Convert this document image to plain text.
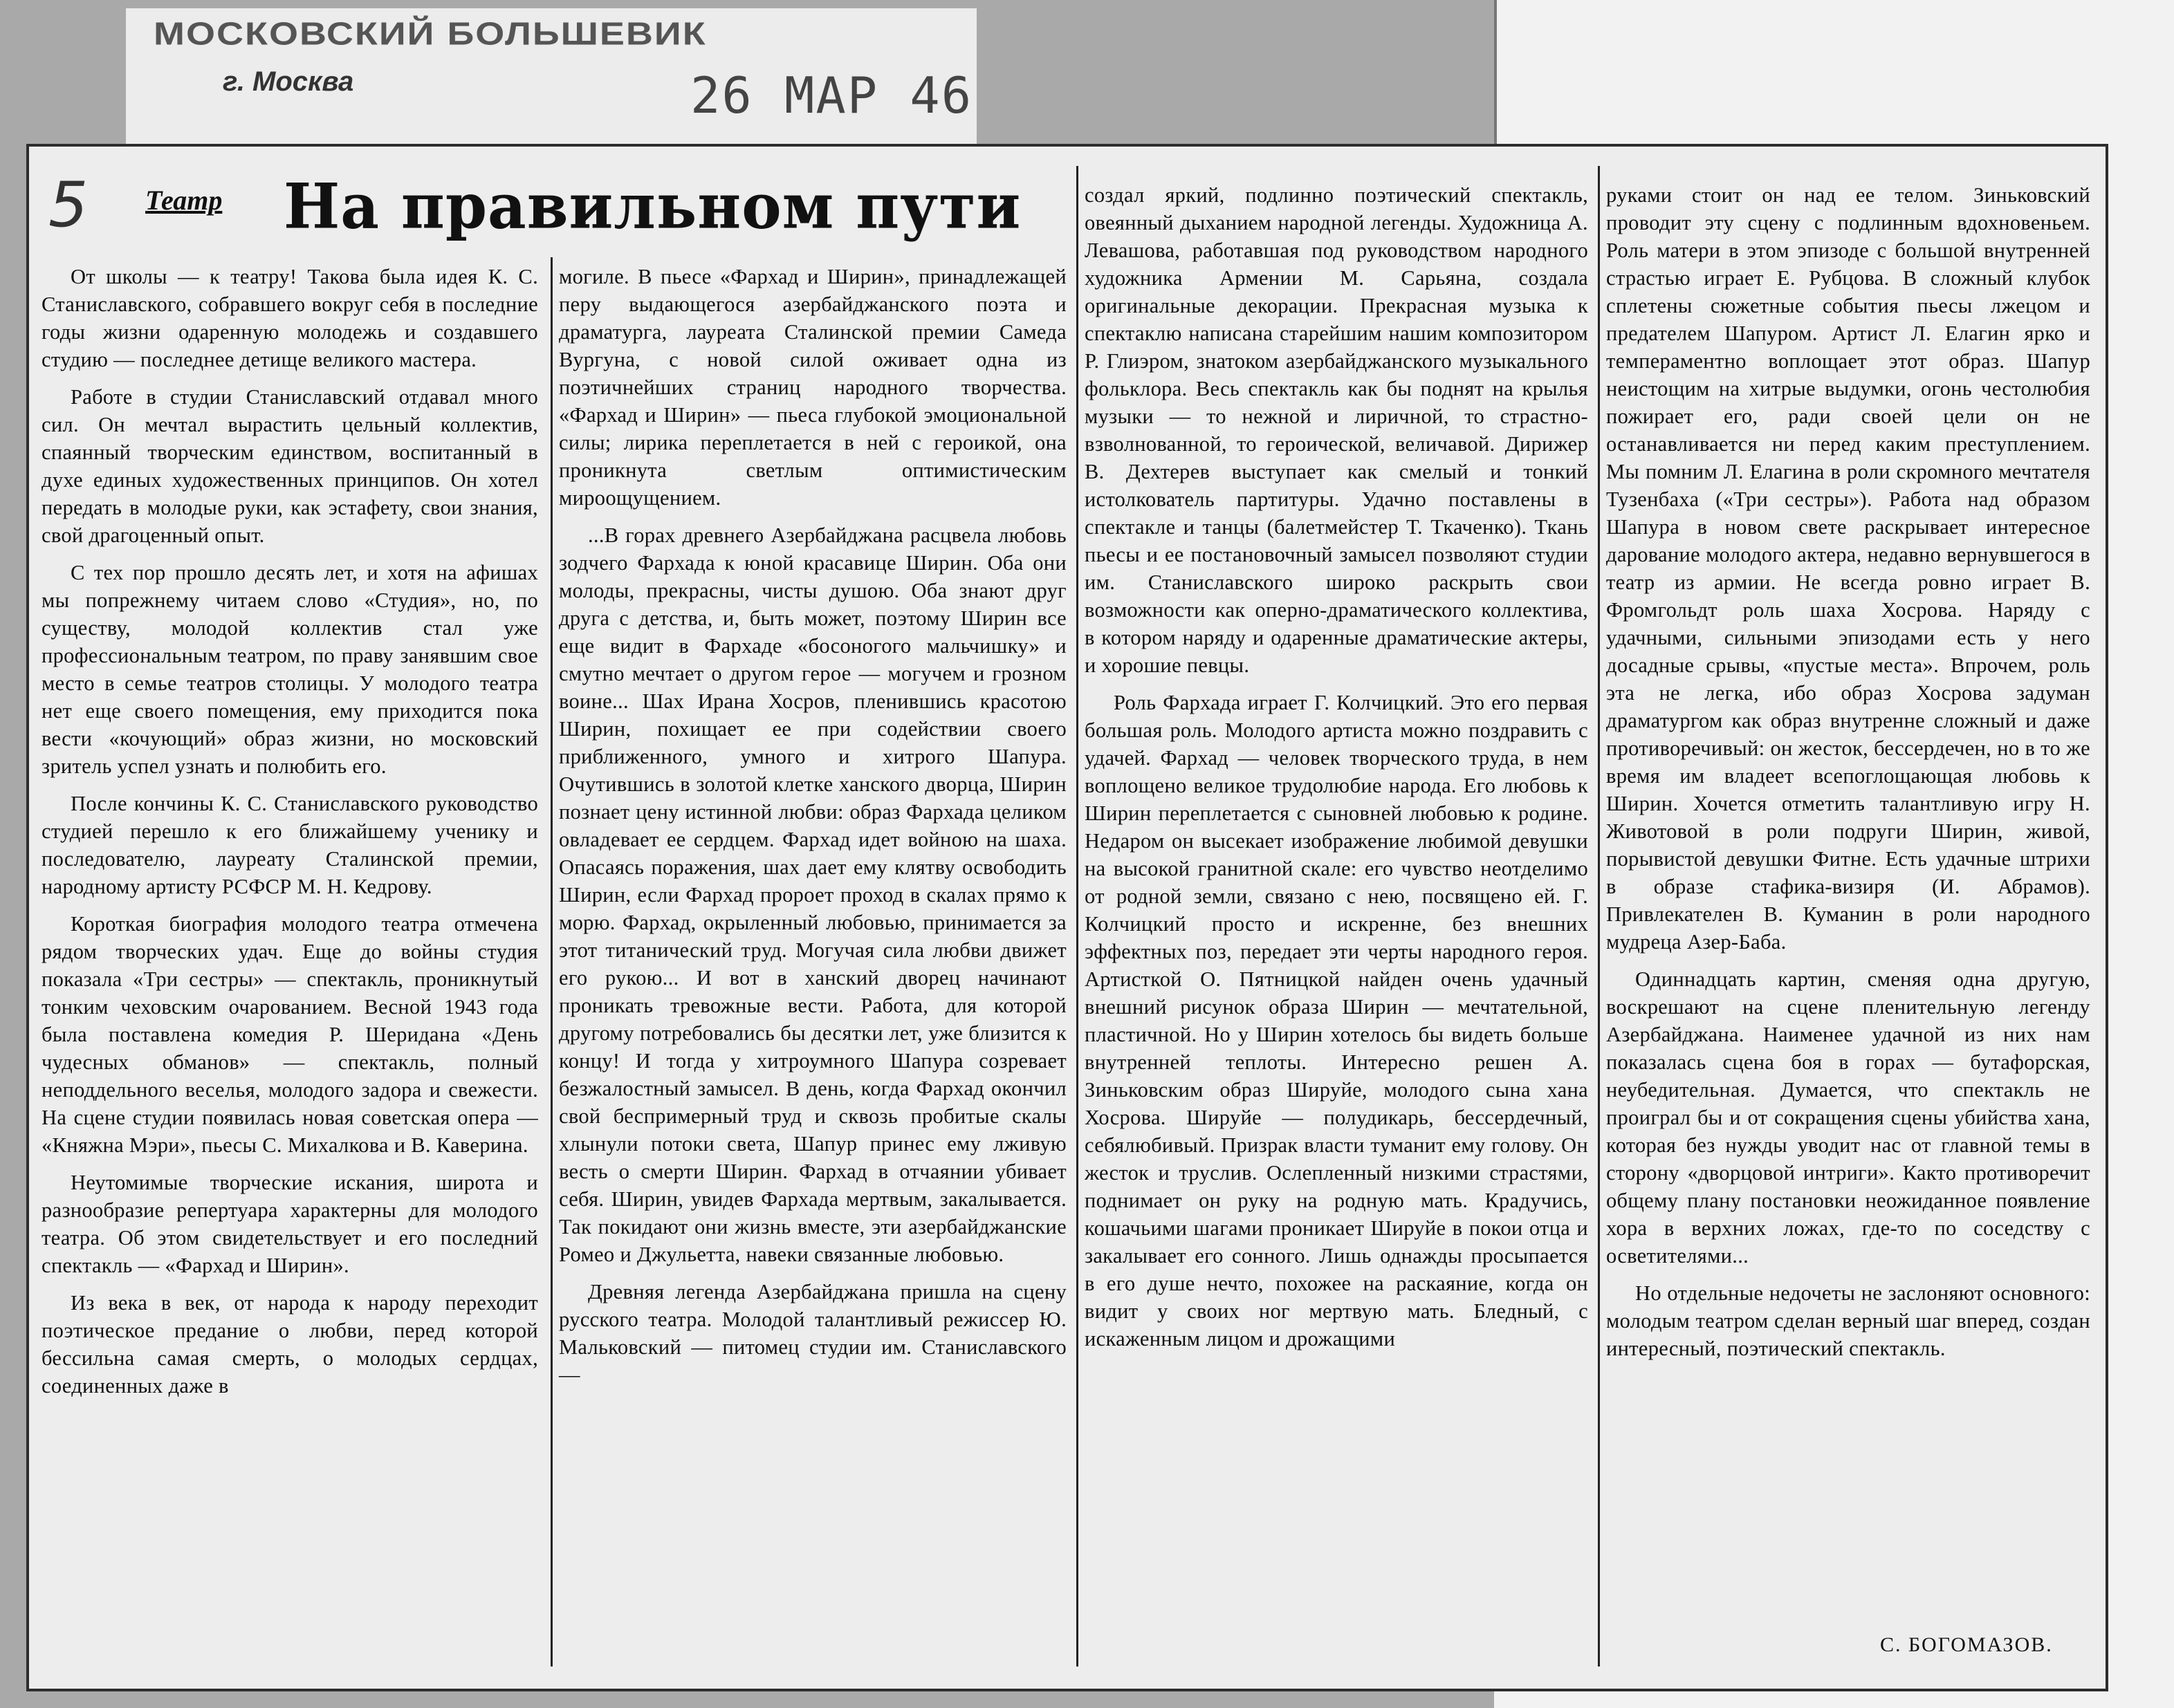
МОСКОВСКИЙ БОЛЬШЕВИК
г. Москва	26 МАР 46
5 Театр На правильном пути

От школы — к театру! Такова была идея К. С. Станиславского, собравшего вокруг себя в последние годы жизни одаренную молодежь и создавшего студию — последнее детище великого мастера.

Работе в студии Станиславский отдавал много сил. Он мечтал вырастить цельный коллектив, спаянный творческим единством, воспитанный в духе единых художественных принципов. Он хотел передать в молодые руки, как эстафету, свои знания, свой драгоценный опыт.

С тех пор прошло десять лет, и хотя на афишах мы попрежнему читаем слово «Студия», но, по существу, молодой коллектив стал уже профессиональным театром, по праву занявшим свое место в семье театров столицы. У молодого театра нет еще своего помещения, ему приходится пока вести «кочующий» образ жизни, но московский зритель успел узнать и полюбить его.

После кончины К. С. Станиславского руководство студией перешло к его ближайшему ученику и последователю, лауреату Сталинской премии, народному артисту РСФСР М. Н. Кедрову.

Короткая биография молодого театра отмечена рядом творческих удач. Еще до войны студия показала «Три сестры» — спектакль, проникнутый тонким чеховским очарованием. Весной 1943 года была поставлена комедия Р. Шеридана «День чудесных обманов» — спектакль, полный неподдельного веселья, молодого задора и свежести. На сцене студии появилась новая советская опера — «Княжна Мэри», пьесы С. Михалкова и В. Каверина.

Неутомимые творческие искания, широта и разнообразие репертуара характерны для молодого театра. Об этом свидетельствует и его последний спектакль — «Фархад и Ширин».

Из века в век, от народа к народу переходит поэтическое предание о любви, перед которой бессильна самая смерть, о молодых сердцах, соединенных даже в

могиле. В пьесе «Фархад и Ширин», принадлежащей перу выдающегося азербайджанского поэта и драматурга, лауреата Сталинской премии Самеда Вургуна, с новой силой оживает одна из поэтичнейших страниц народного творчества. «Фархад и Ширин» — пьеса глубокой эмоциональной силы; лирика переплетается в ней с героикой, она проникнута светлым оптимистическим мироощущением.

...В горах древнего Азербайджана расцвела любовь зодчего Фархада к юной красавице Ширин. Оба они молоды, прекрасны, чисты душою. Оба знают друг друга с детства, и, быть может, поэтому Ширин все еще видит в Фархаде «босоногого мальчишку» и смутно мечтает о другом герое — могучем и грозном воине... Шах Ирана Хосров, пленившись красотою Ширин, похищает ее при содействии своего приближенного, умного и хитрого Шапура. Очутившись в золотой клетке ханского дворца, Ширин познает цену истинной любви: образ Фархада целиком овладевает ее сердцем. Фархад идет войною на шаха. Опасаясь поражения, шах дает ему клятву освободить Ширин, если Фархад пророет проход в скалах прямо к морю. Фархад, окрыленный любовью, принимается за этот титанический труд. Могучая сила любви движет его рукою... И вот в ханский дворец начинают проникать тревожные вести. Работа, для которой другому потребовались бы десятки лет, уже близится к концу! И тогда у хитроумного Шапура созревает безжалостный замысел. В день, когда Фархад окончил свой беспримерный труд и сквозь пробитые скалы хлынули потоки света, Шапур принес ему лживую весть о смерти Ширин. Фархад в отчаянии убивает себя. Ширин, увидев Фархада мертвым, закалывается. Так покидают они жизнь вместе, эти азербайджанские Ромео и Джульетта, навеки связанные любовью.

Древняя легенда Азербайджана пришла на сцену русского театра. Молодой талантливый режиссер Ю. Мальковский — питомец студии им. Станиславского —

создал яркий, подлинно поэтический спектакль, овеянный дыханием народной легенды. Художница А. Левашова, работавшая под руководством народного художника Армении М. Сарьяна, создала оригинальные декорации. Прекрасная музыка к спектаклю написана старейшим нашим композитором Р. Глиэром, знатоком азербайджанского музыкального фольклора. Весь спектакль как бы поднят на крылья музыки — то нежной и лиричной, то страстно-взволнованной, то героической, величавой. Дирижер В. Дехтерев выступает как смелый и тонкий истолкователь партитуры. Удачно поставлены в спектакле и танцы (балетмейстер Т. Ткаченко). Ткань пьесы и ее постановочный замысел позволяют студии им. Станиславского широко раскрыть свои возможности как оперно-драматического коллектива, в котором наряду и одаренные драматические актеры, и хорошие певцы.

Роль Фархада играет Г. Колчицкий. Это его первая большая роль. Молодого артиста можно поздравить с удачей. Фархад — человек творческого труда, в нем воплощено великое трудолюбие народа. Его любовь к Ширин переплетается с сыновней любовью к родине. Недаром он высекает изображение любимой девушки на высокой гранитной скале: его чувство неотделимо от родной земли, связано с нею, посвящено ей. Г. Колчицкий просто и искренне, без внешних эффектных поз, передает эти черты народного героя. Артисткой О. Пятницкой найден очень удачный внешний рисунок образа Ширин — мечтательной, пластичной. Но у Ширин хотелось бы видеть больше внутренней теплоты. Интересно решен А. Зиньковским образ Шируйе, молодого сына хана Хосрова. Шируйе — полудикарь, бессердечный, себялюбивый. Призрак власти туманит ему голову. Он жесток и труслив. Ослепленный низкими страстями, поднимает он руку на родную мать. Крадучись, кошачьими шагами проникает Шируйе в покои отца и закалывает его сонного. Лишь однажды просыпается в его душе нечто, похожее на раскаяние, когда он видит у своих ног мертвую мать. Бледный, с искаженным лицом и дрожащими

руками стоит он над ее телом. Зиньковский проводит эту сцену с подлинным вдохновеньем. Роль матери в этом эпизоде с большой внутренней страстью играет Е. Рубцова. В сложный клубок сплетены сюжетные события пьесы лжецом и предателем Шапуром. Артист Л. Елагин ярко и темпераментно воплощает этот образ. Шапур неистощим на хитрые выдумки, огонь честолюбия пожирает его, ради своей цели он не останавливается ни перед каким преступлением. Мы помним Л. Елагина в роли скромного мечтателя Тузенбаха («Три сестры»). Работа над образом Шапура в новом свете раскрывает интересное дарование молодого актера, недавно вернувшегося в театр из армии. Не всегда ровно играет В. Фромгольдт роль шаха Хосрова. Наряду с удачными, сильными эпизодами есть у него досадные срывы, «пустые места». Впрочем, роль эта не легка, ибо образ Хосрова задуман драматургом как образ внутренне сложный и даже противоречивый: он жесток, бессердечен, но в то же время им владеет всепоглощающая любовь к Ширин. Хочется отметить талантливую игру Н. Животовой в роли подруги Ширин, живой, порывистой девушки Фитне. Есть удачные штрихи в образе стафика-визиря (И. Абрамов). Привлекателен В. Куманин в роли народного мудреца Азер-Баба.

Одиннадцать картин, сменяя одна другую, воскрешают на сцене пленительную легенду Азербайджана. Наименее удачной из них нам показалась сцена боя в горах — бутафорская, неубедительная. Думается, что спектакль не проиграл бы и от сокращения сцены убийства хана, которая без нужды уводит нас от главной темы в сторону «дворцовой интриги». Както противоречит общему плану постановки неожиданное появление хора в верхних ложах, где-то по соседству с осветителями...

Но отдельные недочеты не заслоняют основного: молодым театром сделан верный шаг вперед, создан интересный, поэтический спектакль.

С. БОГОМАЗОВ.
